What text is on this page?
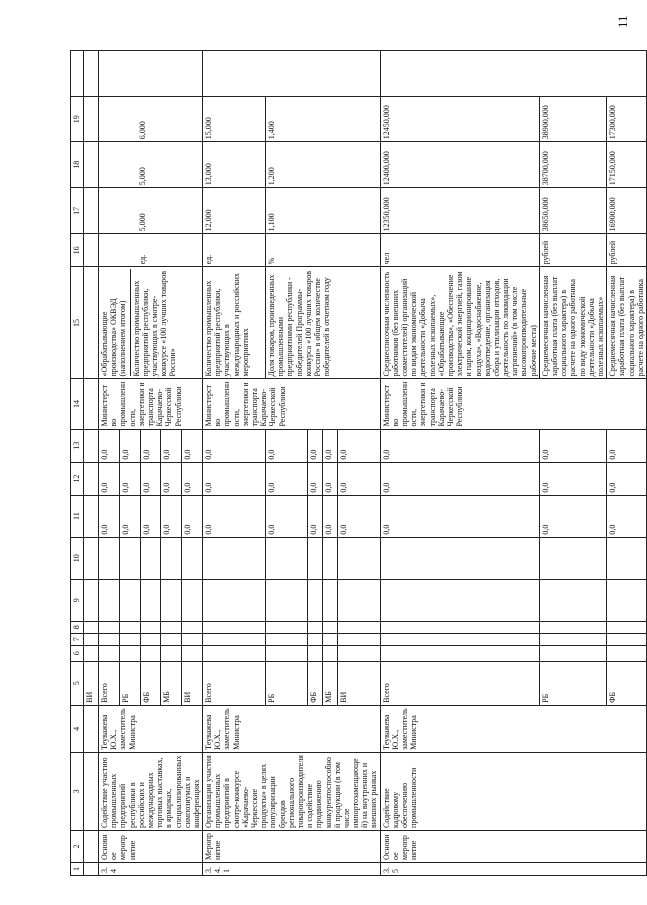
11
1	2	3	4	5	6	7	8	9	10	11	12	13	14	15	16	17	18	19	
				ВИ															
3.4	Основное мероприятие	Содействие участию промышленных предприятий республики в российских и международных торговых выставках, в ярмарках, специализированных симпозиумах и конференциях	Теуважева Ю.Х., заместитель Министра	Всего						0,0	0,0	0,0	Министерство промышленности, энергетики и транспорта Карачаево-Черкесской Республики	«Обрабатывающие производства» ОКВЭД (наполнением итогом) Количество промышленных предприятий республики, участвующих в смотре-конкурсе «100 лучших товаров России»	ед.	5,000	5,000	6,000	
				РБ						0,0	0,0	0,0							
				ФБ						0,0	0,0	0,0							
				МБ						0,0	0,0	0,0							
				ВИ						0,0	0,0	0,0							
3.4.1	Мероприятие	Организация участия промышленных предприятий в смотре-конкурсе «Карачаево-Черкесские продукты» в целях популяризации брендов регионального товаропроизводителя и содействие продвижению конкурентоспособной продукции (в том числе импортозамещающей) на внутренних и внешних рынках	Теуважева Ю.Х., заместитель Министра	Всего						0,0	0,0	0,0	Министерство промышленности, энергетики и транспорта Карачаево-Черкесской Республики	Количество промышленных предприятий республики, участвующих в международных и российских мероприятиях	ед.	12,000	13,000	15,000	
				РБ						0,0	0,0	0,0		Доля товаров, произведенных промышленными предприятиями республики - победителей Программы-конкурса «100 лучших товаров России» в общем количестве победителей в отчетном году	%	1,100	1,200	1,400	
				ФБ						0,0	0,0	0,0							
				МБ						0,0	0,0	0,0							
				ВИ						0,0	0,0	0,0							
3.5	Основное мероприятие	Содействие кадровому обеспечению промышленности	Теуважева Ю.Х., заместитель Министра	Всего						0,0	0,0	0,0	Министерство промышленности, энергетики и транспорта Карачаево-Черкесской Республики	Среднесписочная численность работников (без внешних совместителей) организаций по видам экономической деятельности «Добыча полезных ископаемых», «Обрабатывающие производства», «Обеспечение электрической энергией, газом и паром, кондиционирование воздуха», «Водоснабжение, водоотведение, организация сбора и утилизации отходов, деятельность по ликвидации загрязнений» (в том числе высокопроизводительные рабочие места)	чел	12350,000	12400,000	12450,000	
				РБ						0,0	0,0	0,0		Среднемесячная начисленная заработная плата (без выплат социального характера) в расчете на одного работника по виду экономической деятельности «Добыча полезных ископаемых»	рублей	38650,000	38700,000	38900,000	
				ФБ						0,0	0,0	0,0		Среднемесячная начисленная заработная плата (без выплат социального характера) в расчете на одного работника	рублей	16900,000	17150,000	17300,000	
